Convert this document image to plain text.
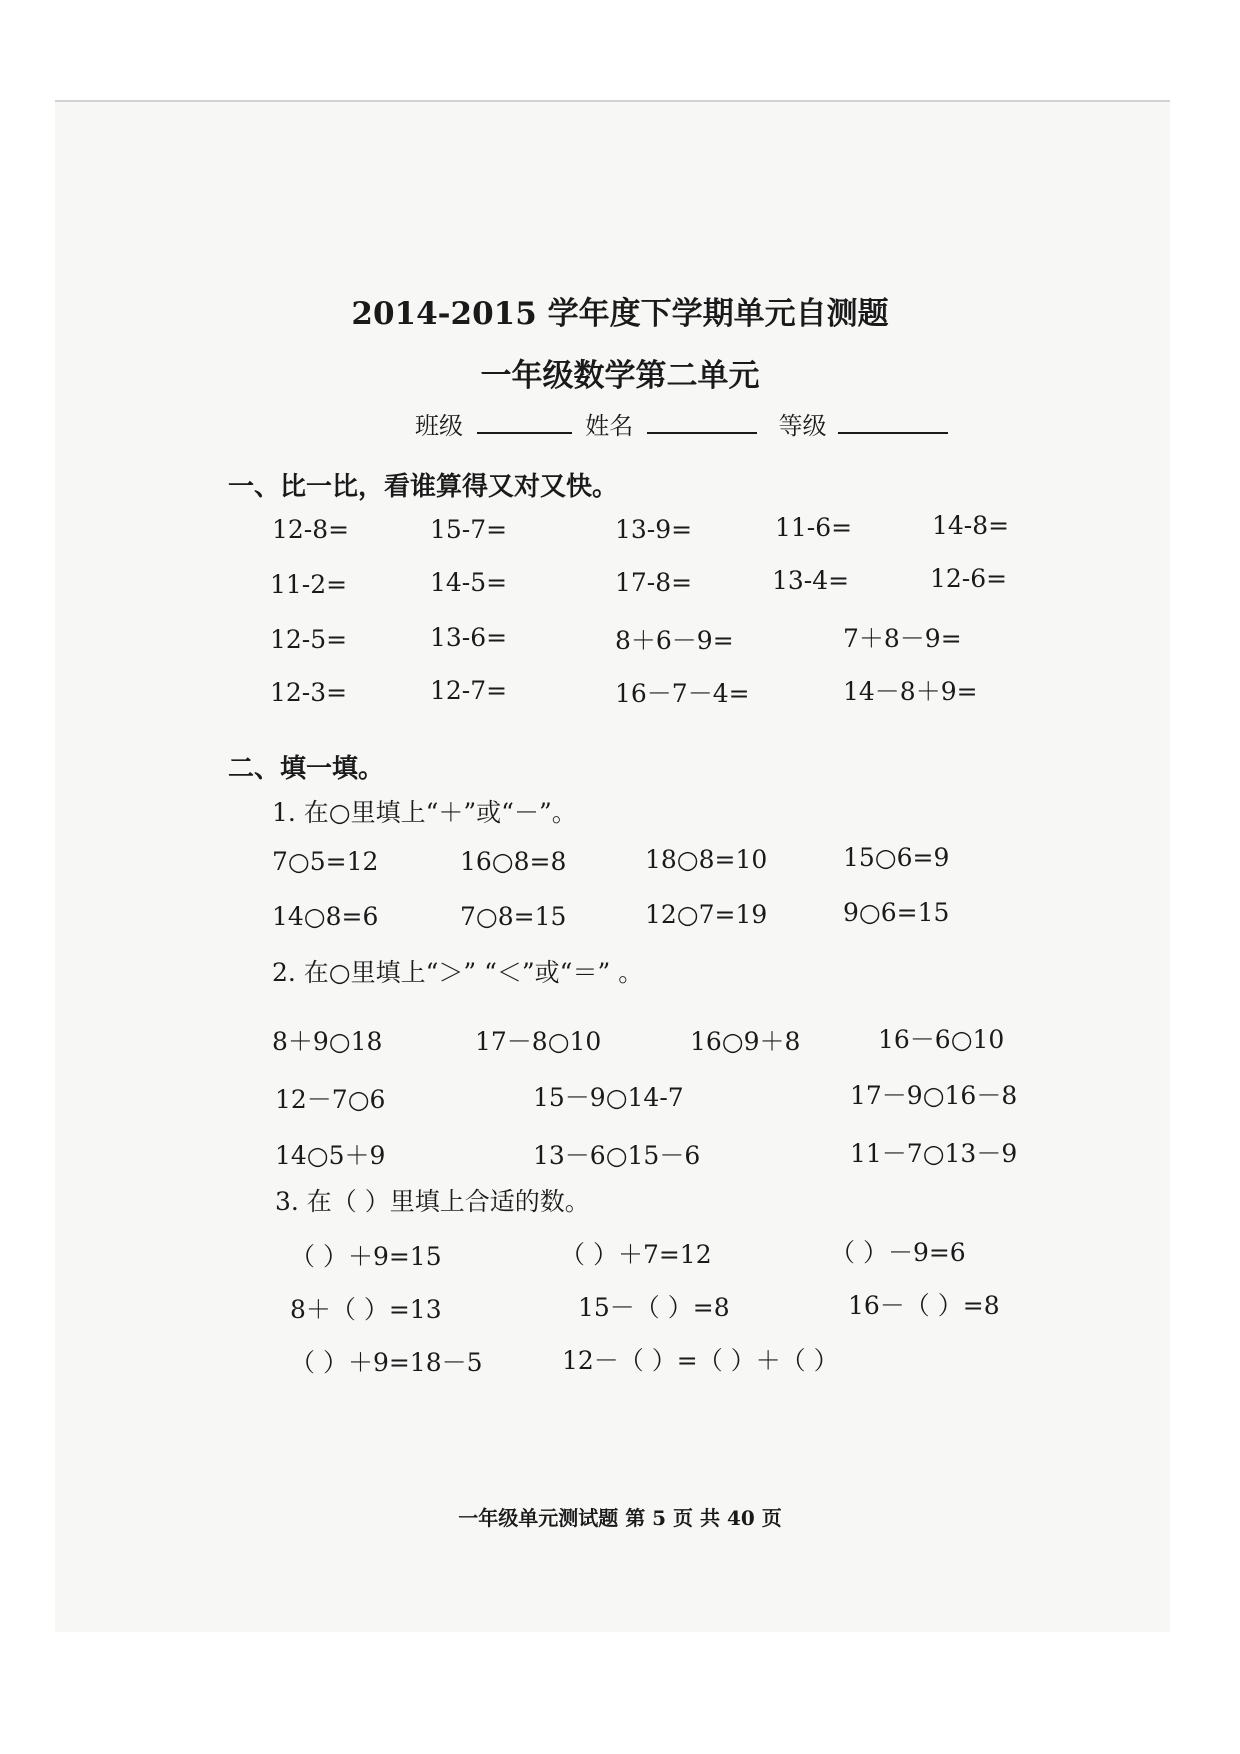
2014-2015 学年度下学期单元自测题
一年级数学第二单元
班级	姓名	等级
一、比一比，看谁算得又对又快。
12-8=	15-7=	13-9=	11-6=	14-8=
11-2=	14-5=	17-8=	13-4=	12-6=
12-5=	13-6=	8＋6－9=	7＋8－9=
12-3=	12-7=	16－7－4=	14－8＋9=
二、填一填。
1. 在○里填上“＋”或“－”。
7○5=12	16○8=8	18○8=10	15○6=9
14○8=6	7○8=15	12○7=19	9○6=15
2. 在○里填上“＞” “＜”或“＝” 。
8＋9○18	17－8○10	16○9＋8	16－6○10
12－7○6	15－9○14-7	17－9○16－8
14○5＋9	13－6○15－6	11－7○13－9
3. 在（ ）里填上合适的数。
（ ）＋9=15	（ ）＋7=12	（ ）－9=6
8＋（ ）=13	15－（ ）=8	16－（ ）=8
（ ）＋9=18－5	12－（ ）=（ ）＋（ ）
一年级单元测试题 第 5 页 共 40 页
